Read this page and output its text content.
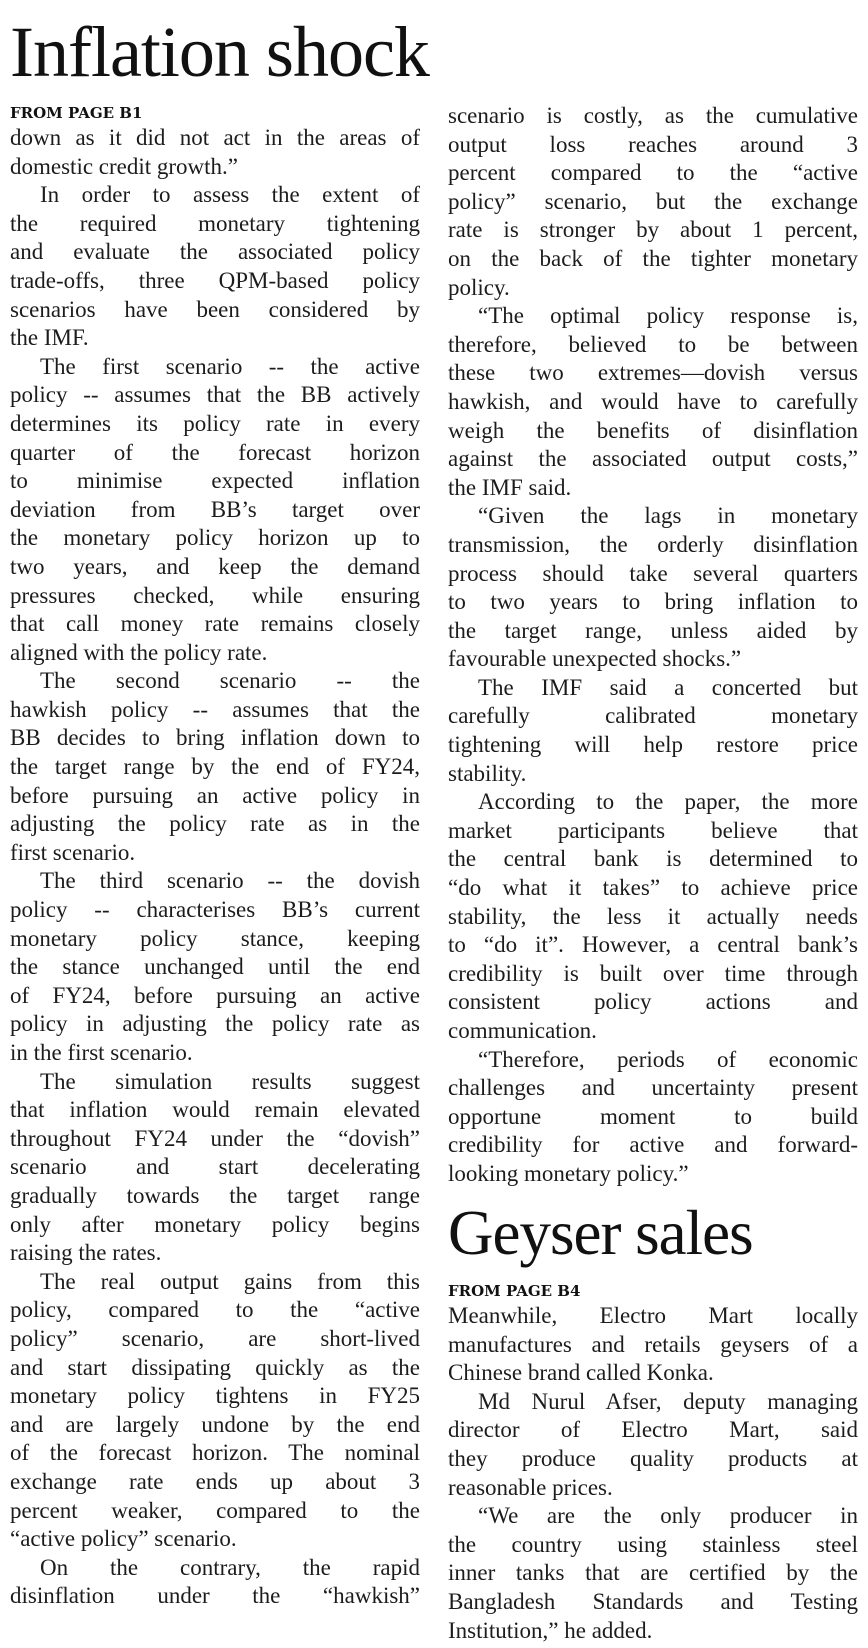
Inflation shock
FROM PAGE B1
down as it did not act in the areas of
domestic credit growth.”
In order to assess the extent of
the required monetary tightening
and evaluate the associated policy
trade-offs, three QPM-based policy
scenarios have been considered by
the IMF.
The first scenario -- the active
policy -- assumes that the BB actively
determines its policy rate in every
quarter of the forecast horizon
to minimise expected inflation
deviation from BB’s target over
the monetary policy horizon up to
two years, and keep the demand
pressures checked, while ensuring
that call money rate remains closely
aligned with the policy rate.
The second scenario -- the
hawkish policy -- assumes that the
BB decides to bring inflation down to
the target range by the end of FY24,
before pursuing an active policy in
adjusting the policy rate as in the
first scenario.
The third scenario -- the dovish
policy -- characterises BB’s current
monetary policy stance, keeping
the stance unchanged until the end
of FY24, before pursuing an active
policy in adjusting the policy rate as
in the first scenario.
The simulation results suggest
that inflation would remain elevated
throughout FY24 under the “dovish”
scenario and start decelerating
gradually towards the target range
only after monetary policy begins
raising the rates.
The real output gains from this
policy, compared to the “active
policy” scenario, are short-lived
and start dissipating quickly as the
monetary policy tightens in FY25
and are largely undone by the end
of the forecast horizon. The nominal
exchange rate ends up about 3
percent weaker, compared to the
“active policy” scenario.
On the contrary, the rapid
disinflation under the “hawkish”
scenario is costly, as the cumulative
output loss reaches around 3
percent compared to the “active
policy” scenario, but the exchange
rate is stronger by about 1 percent,
on the back of the tighter monetary
policy.
“The optimal policy response is,
therefore, believed to be between
these two extremes—dovish versus
hawkish, and would have to carefully
weigh the benefits of disinflation
against the associated output costs,”
the IMF said.
“Given the lags in monetary
transmission, the orderly disinflation
process should take several quarters
to two years to bring inflation to
the target range, unless aided by
favourable unexpected shocks.”
The IMF said a concerted but
carefully calibrated monetary
tightening will help restore price
stability.
According to the paper, the more
market participants believe that
the central bank is determined to
“do what it takes” to achieve price
stability, the less it actually needs
to “do it”. However, a central bank’s
credibility is built over time through
consistent policy actions and
communication.
“Therefore, periods of economic
challenges and uncertainty present
opportune moment to build
credibility for active and forward-
looking monetary policy.”
Geyser sales
FROM PAGE B4
Meanwhile, Electro Mart locally
manufactures and retails geysers of a
Chinese brand called Konka.
Md Nurul Afser, deputy managing
director of Electro Mart, said
they produce quality products at
reasonable prices.
“We are the only producer in
the country using stainless steel
inner tanks that are certified by the
Bangladesh Standards and Testing
Institution,” he added.
